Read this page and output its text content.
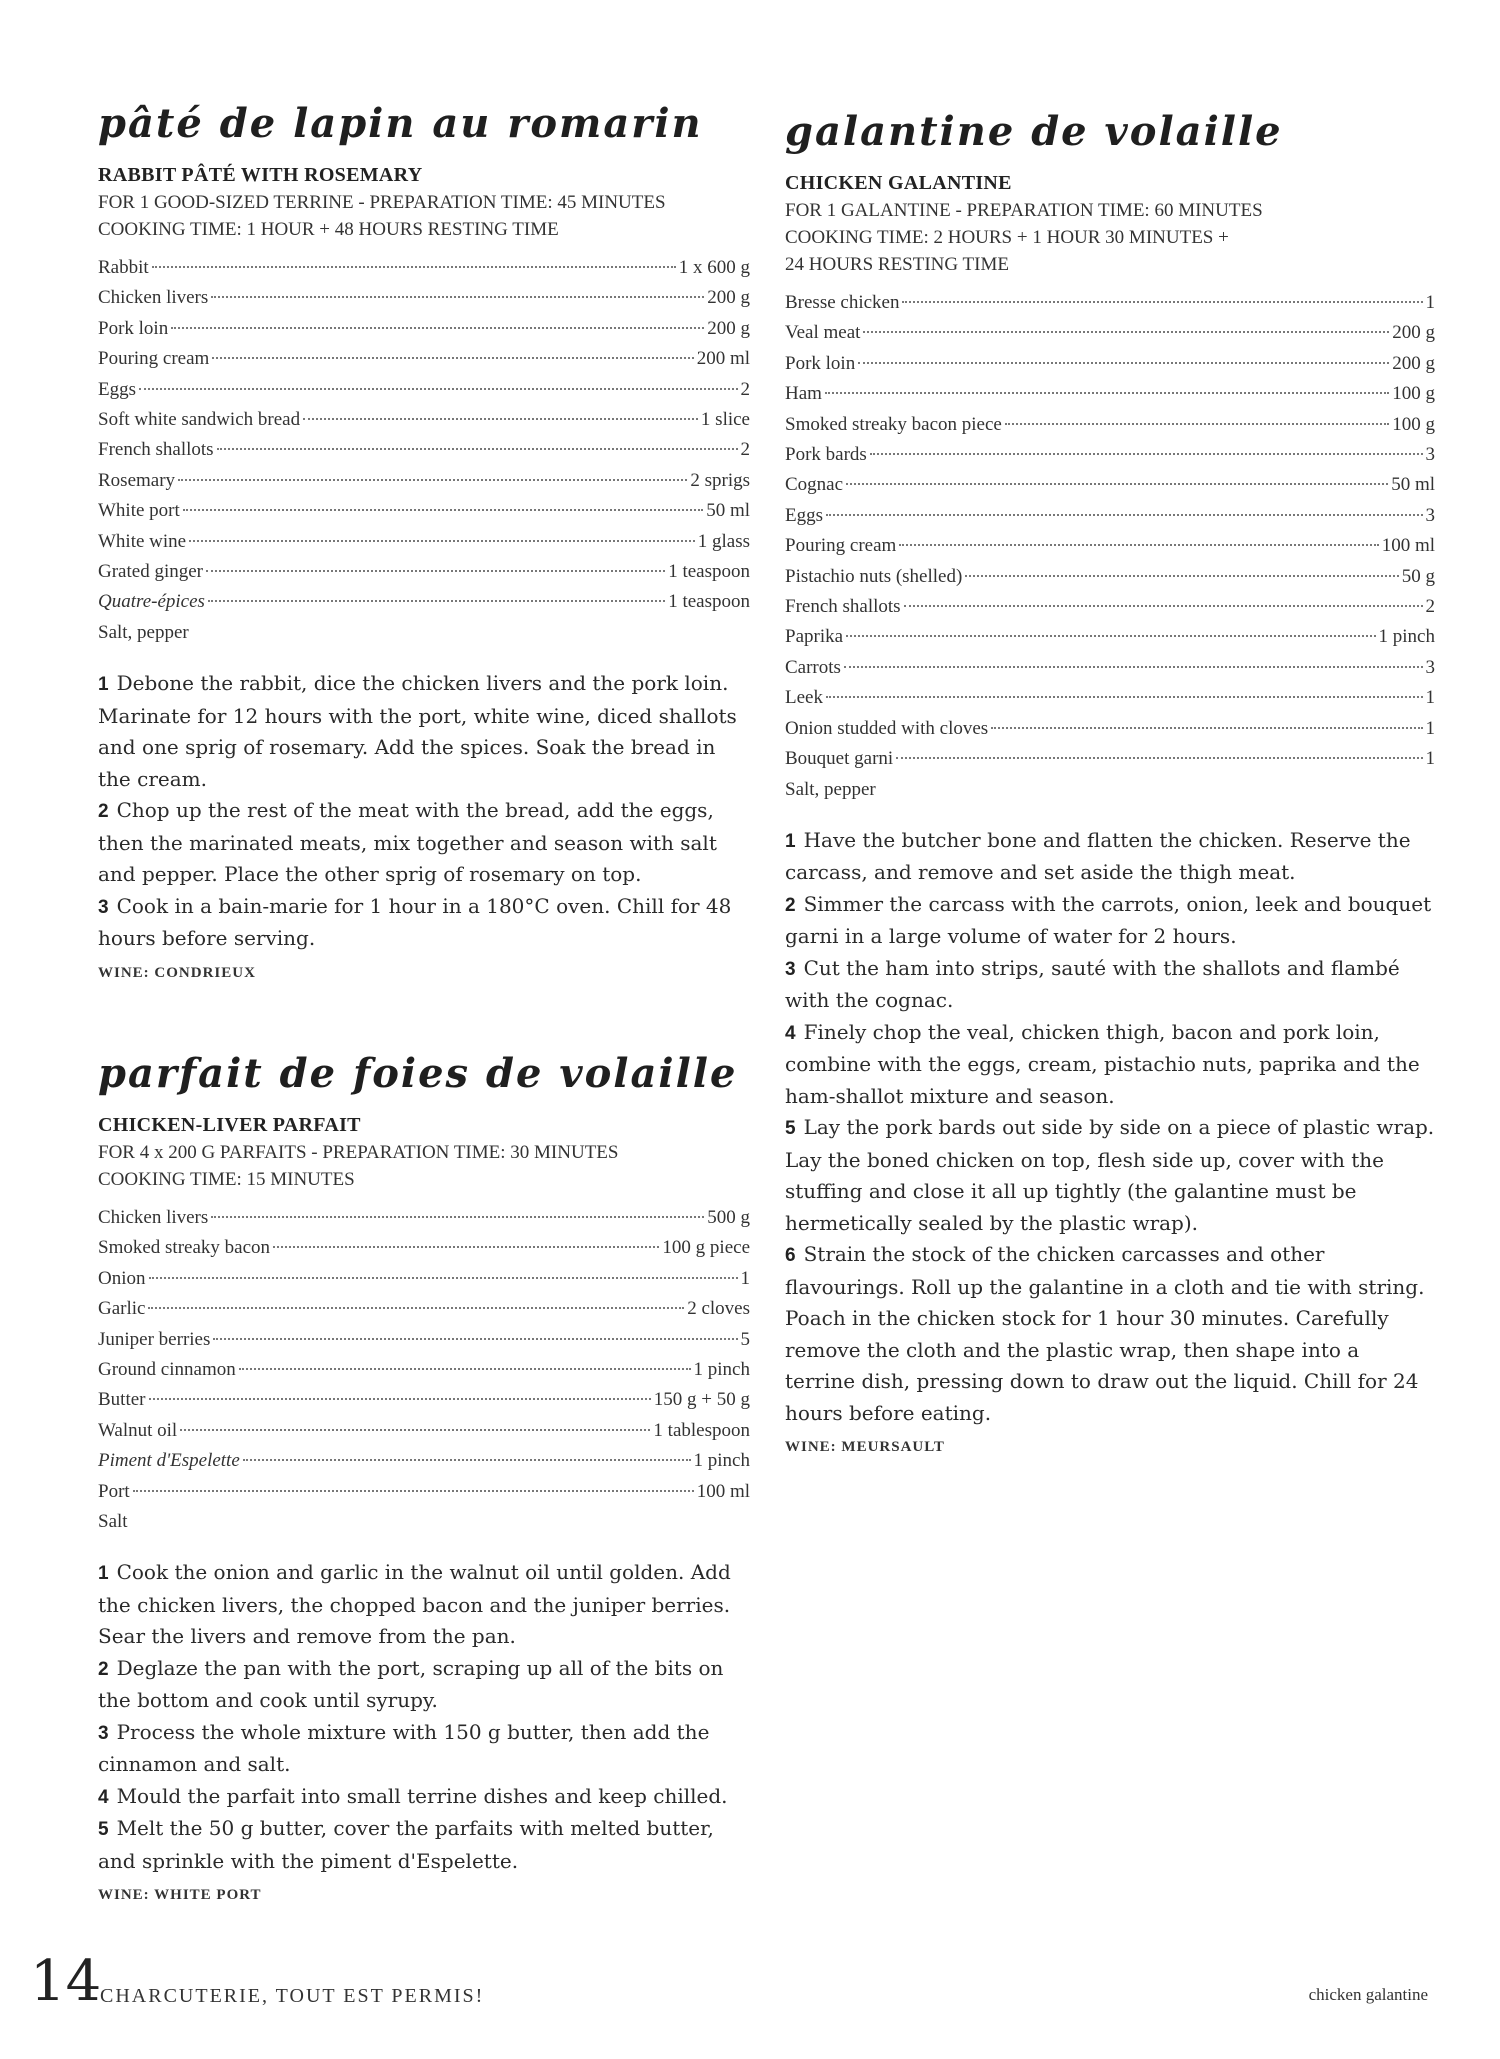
pâté de lapin au romarin

RABBIT PÂTÉ WITH ROSEMARY

FOR 1 GOOD-SIZED TERRINE - PREPARATION TIME: 45 MINUTES

COOKING TIME: 1 HOUR + 48 HOURS RESTING TIME

Rabbit	1 x 600 g
Chicken livers	200 g
Pork loin	200 g
Pouring cream	200 ml
Eggs	2
Soft white sandwich bread	1 slice
French shallots	2
Rosemary	2 sprigs
White port	50 ml
White wine	1 glass
Grated ginger	1 teaspoon
Quatre-épices	1 teaspoon
Salt, pepper
1 Debone the rabbit, dice the chicken livers and the pork loin. Marinate for 12 hours with the port, white wine, diced shallots and one sprig of rosemary. Add the spices. Soak the bread in the cream.
2 Chop up the rest of the meat with the bread, add the eggs, then the marinated meats, mix together and season with salt and pepper. Place the other sprig of rosemary on top.
3 Cook in a bain-marie for 1 hour in a 180°C oven. Chill for 48 hours before serving.

WINE: CONDRIEUX

parfait de foies de volaille

CHICKEN-LIVER PARFAIT

FOR 4 x 200 G PARFAITS - PREPARATION TIME: 30 MINUTES

COOKING TIME: 15 MINUTES

Chicken livers	500 g
Smoked streaky bacon	100 g piece
Onion	1
Garlic	2 cloves
Juniper berries	5
Ground cinnamon	1 pinch
Butter	150 g + 50 g
Walnut oil	1 tablespoon
Piment d'Espelette	1 pinch
Port	100 ml
Salt
1 Cook the onion and garlic in the walnut oil until golden. Add the chicken livers, the chopped bacon and the juniper berries. Sear the livers and remove from the pan.
2 Deglaze the pan with the port, scraping up all of the bits on the bottom and cook until syrupy.
3 Process the whole mixture with 150 g butter, then add the cinnamon and salt.
4 Mould the parfait into small terrine dishes and keep chilled.
5 Melt the 50 g butter, cover the parfaits with melted butter, and sprinkle with the piment d'Espelette.

WINE: WHITE PORT

galantine de volaille

CHICKEN GALANTINE

FOR 1 GALANTINE - PREPARATION TIME: 60 MINUTES

COOKING TIME: 2 HOURS + 1 HOUR 30 MINUTES +

24 HOURS RESTING TIME

Bresse chicken	1
Veal meat	200 g
Pork loin	200 g
Ham	100 g
Smoked streaky bacon piece	100 g
Pork bards	3
Cognac	50 ml
Eggs	3
Pouring cream	100 ml
Pistachio nuts (shelled)	50 g
French shallots	2
Paprika	1 pinch
Carrots	3
Leek	1
Onion studded with cloves	1
Bouquet garni	1
Salt, pepper
1 Have the butcher bone and flatten the chicken. Reserve the carcass, and remove and set aside the thigh meat.
2 Simmer the carcass with the carrots, onion, leek and bouquet garni in a large volume of water for 2 hours.
3 Cut the ham into strips, sauté with the shallots and flambé with the cognac.
4 Finely chop the veal, chicken thigh, bacon and pork loin, combine with the eggs, cream, pistachio nuts, paprika and the ham-shallot mixture and season.
5 Lay the pork bards out side by side on a piece of plastic wrap. Lay the boned chicken on top, flesh side up, cover with the stuffing and close it all up tightly (the galantine must be hermetically sealed by the plastic wrap).
6 Strain the stock of the chicken carcasses and other flavourings. Roll up the galantine in a cloth and tie with string. Poach in the chicken stock for 1 hour 30 minutes. Carefully remove the cloth and the plastic wrap, then shape into a terrine dish, pressing down to draw out the liquid. Chill for 24 hours before eating.

WINE: MEURSAULT

14
CHARCUTERIE, TOUT EST PERMIS!	chicken galantine
